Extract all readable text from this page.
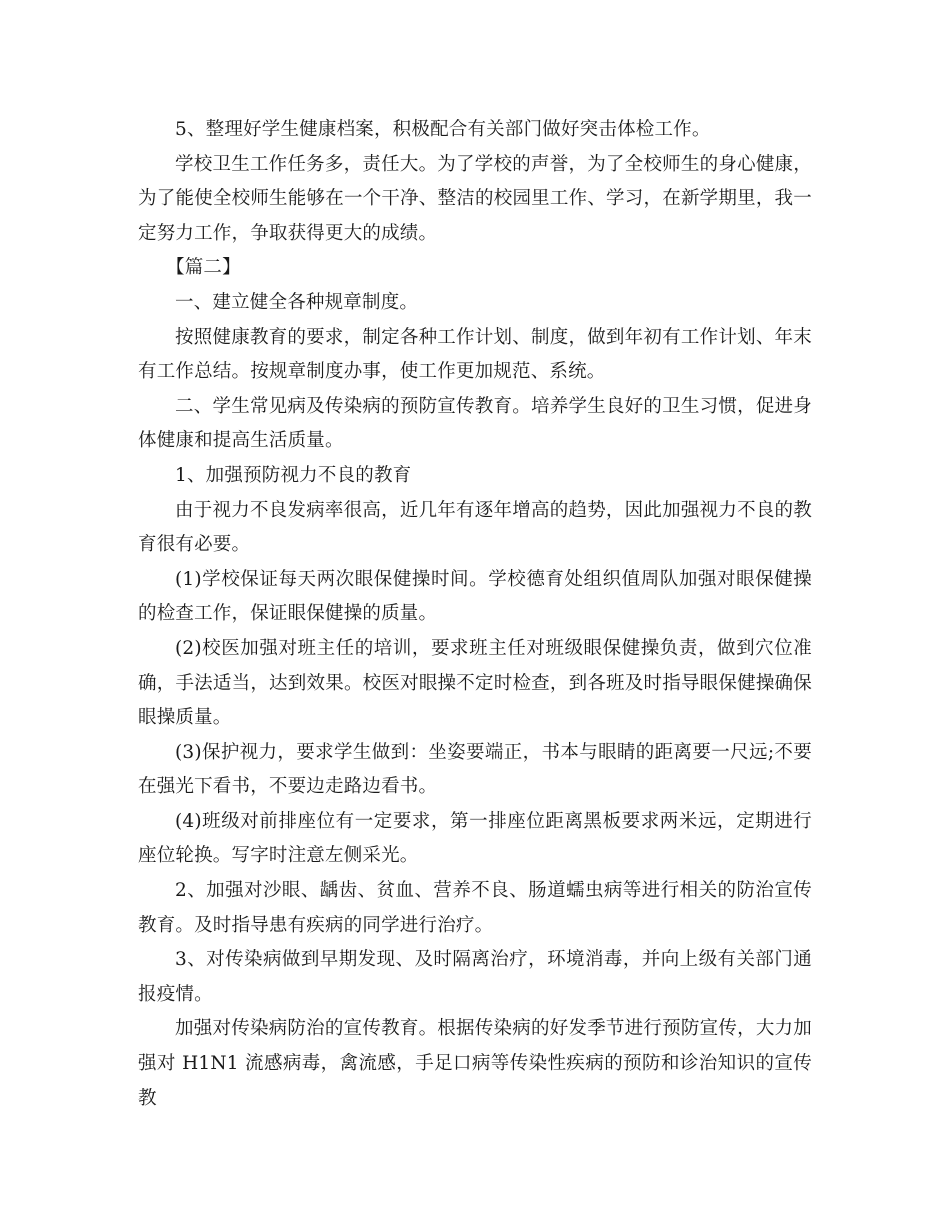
5、整理好学生健康档案，积极配合有关部门做好突击体检工作。

学校卫生工作任务多，责任大。为了学校的声誉，为了全校师生的身心健康，为了能使全校师生能够在一个干净、整洁的校园里工作、学习，在新学期里，我一定努力工作，争取获得更大的成绩。

【篇二】

一、建立健全各种规章制度。

按照健康教育的要求，制定各种工作计划、制度，做到年初有工作计划、年末有工作总结。按规章制度办事，使工作更加规范、系统。

二、学生常见病及传染病的预防宣传教育。培养学生良好的卫生习惯，促进身体健康和提高生活质量。

1、加强预防视力不良的教育

由于视力不良发病率很高，近几年有逐年增高的趋势，因此加强视力不良的教育很有必要。

(1)学校保证每天两次眼保健操时间。学校德育处组织值周队加强对眼保健操的检查工作，保证眼保健操的质量。

(2)校医加强对班主任的培训，要求班主任对班级眼保健操负责，做到穴位准确，手法适当，达到效果。校医对眼操不定时检查，到各班及时指导眼保健操确保眼操质量。

(3)保护视力，要求学生做到：坐姿要端正，书本与眼睛的距离要一尺远;不要在强光下看书，不要边走路边看书。

(4)班级对前排座位有一定要求，第一排座位距离黑板要求两米远，定期进行座位轮换。写字时注意左侧采光。

2、加强对沙眼、龋齿、贫血、营养不良、肠道蠕虫病等进行相关的防治宣传教育。及时指导患有疾病的同学进行治疗。

3、对传染病做到早期发现、及时隔离治疗，环境消毒，并向上级有关部门通报疫情。

加强对传染病防治的宣传教育。根据传染病的好发季节进行预防宣传，大力加强对 H1N1 流感病毒，禽流感，手足口病等传染性疾病的预防和诊治知识的宣传教
